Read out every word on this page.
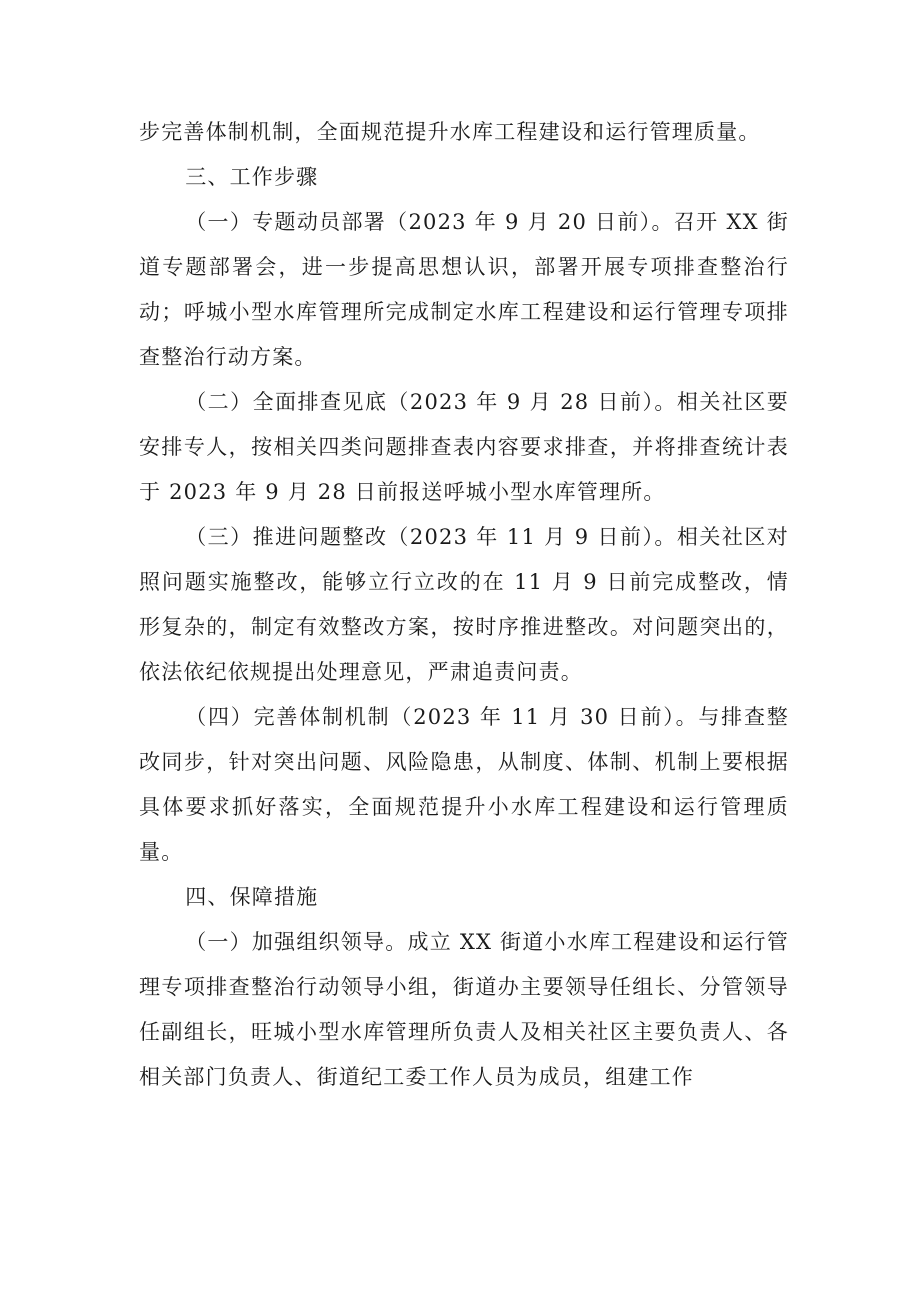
步完善体制机制，全面规范提升水库工程建设和运行管理质量。

三、工作步骤

（一）专题动员部署（2023 年 9 月 20 日前）。召开 XX 街道专题部署会，进一步提高思想认识，部署开展专项排查整治行动；呼城小型水库管理所完成制定水库工程建设和运行管理专项排查整治行动方案。

（二）全面排查见底（2023 年 9 月 28 日前）。相关社区要安排专人，按相关四类问题排查表内容要求排查，并将排查统计表于 2023 年 9 月 28 日前报送呼城小型水库管理所。

（三）推进问题整改（2023 年 11 月 9 日前）。相关社区对照问题实施整改，能够立行立改的在 11 月 9 日前完成整改，情形复杂的，制定有效整改方案，按时序推进整改。对问题突出的，依法依纪依规提出处理意见，严肃追责问责。

（四）完善体制机制（2023 年 11 月 30 日前）。与排查整改同步，针对突出问题、风险隐患，从制度、体制、机制上要根据具体要求抓好落实，全面规范提升小水库工程建设和运行管理质量。

四、保障措施

（一）加强组织领导。成立 XX 街道小水库工程建设和运行管理专项排查整治行动领导小组，街道办主要领导任组长、分管领导任副组长，旺城小型水库管理所负责人及相关社区主要负责人、各相关部门负责人、街道纪工委工作人员为成员，组建工作
